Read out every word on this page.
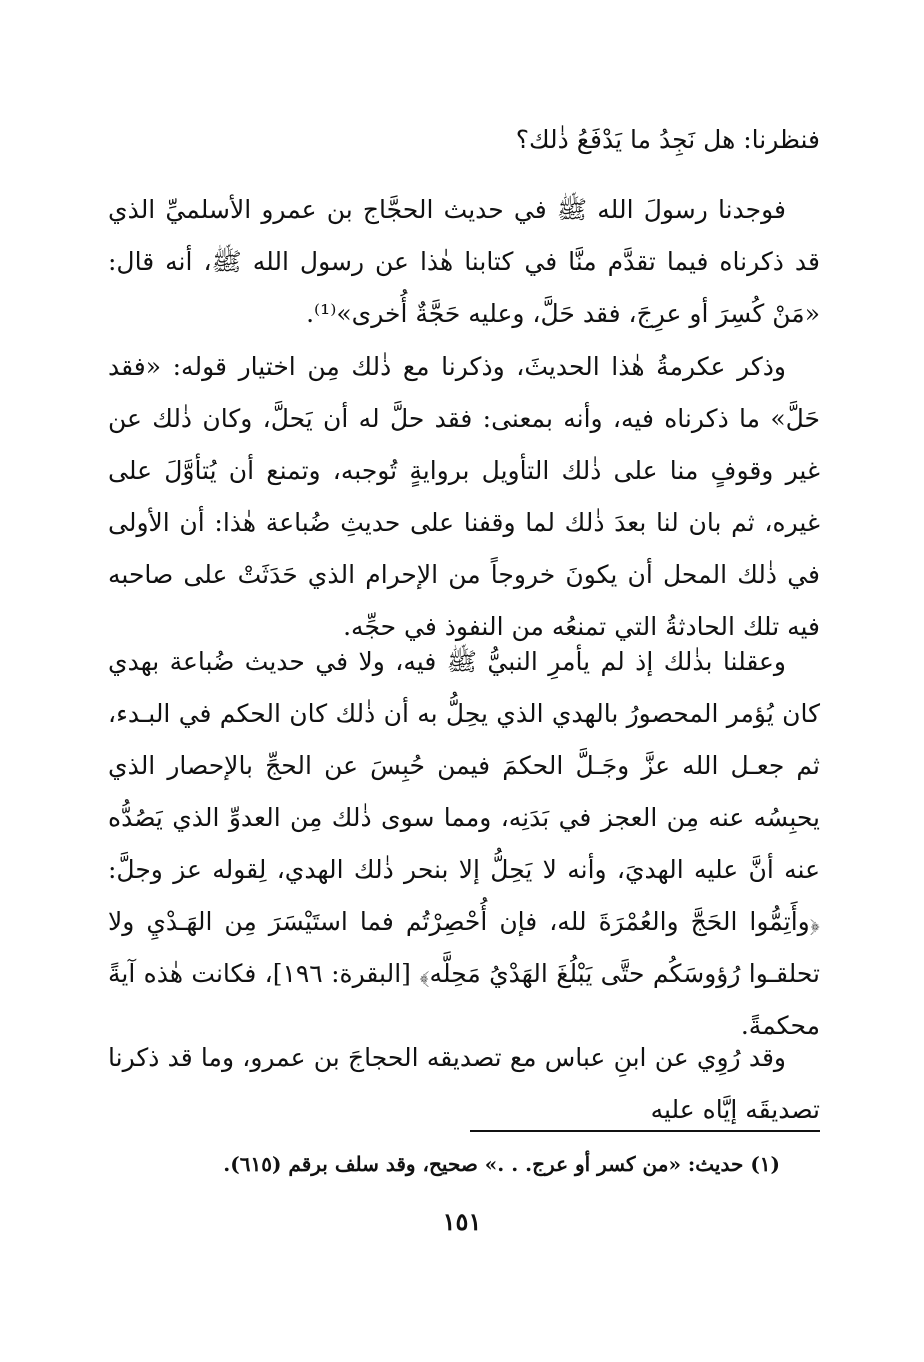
فنظرنا: هل نَجِدُ ما يَدْفَعُ ذٰلك؟

فوجدنا رسولَ الله ﷺ في حديث الحجَّاج بن عمرو الأسلميِّ الذي قد ذكرناه فيما تقدَّم منَّا في كتابنا هٰذا عن رسول الله ﷺ، أنه قال: «مَنْ كُسِرَ أو عرِجَ، فقد حَلَّ، وعليه حَجَّةٌ أُخرى»⁽¹⁾.

وذكر عكرمةُ هٰذا الحديثَ، وذكرنا مع ذٰلك مِن اختيار قوله: «فقد حَلَّ» ما ذكرناه فيه، وأنه بمعنى: فقد حلَّ له أن يَحلَّ، وكان ذٰلك عن غير وقوفٍ منا على ذٰلك التأويل بروايةٍ تُوجبه، وتمنع أن يُتأوَّلَ على غيره، ثم بان لنا بعدَ ذٰلك لما وقفنا على حديثِ ضُباعة هٰذا: أن الأولى في ذٰلك المحل أن يكونَ خروجاً من الإحرام الذي حَدَثَتْ على صاحبه فيه تلك الحادثةُ التي تمنعُه من النفوذ في حجِّه.

وعقلنا بذٰلك إذ لم يأمرِ النبيُّ ﷺ فيه، ولا في حديث ضُباعة بهدي كان يُؤمر المحصورُ بالهدي الذي يحِلُّ به أن ذٰلك كان الحكم في البـدء، ثم جعـل الله عزَّ وجَـلَّ الحكمَ فيمن حُبِسَ عن الحجِّ بالإحصار الذي يحبِسُه عنه مِن العجز في بَدَنِه، ومما سوى ذٰلك مِن العدوِّ الذي يَصُدُّه عنه أنَّ عليه الهديَ، وأنه لا يَحِلُّ إلا بنحر ذٰلك الهدي، لِقوله عز وجلَّ: ﴿وأَتِمُّوا الحَجَّ والعُمْرَةَ لله، فإن أُحْصِرْتُم فما استَيْسَرَ مِن الهَـدْيِ ولا تحلقـوا رُؤوسَكُم حتَّى يَبْلُغَ الهَدْيُ مَحِلَّه﴾ [البقرة: ١٩٦]، فكانت هٰذه آيةً محكمةً.

وقد رُوِي عن ابنِ عباس مع تصديقه الحجاجَ بن عمرو، وما قد ذكرنا تصديقَه إيَّاه عليه

(١) حديث: «من كسر أو عرج. . .» صحيح، وقد سلف برقم (٦١٥).
١٥١
